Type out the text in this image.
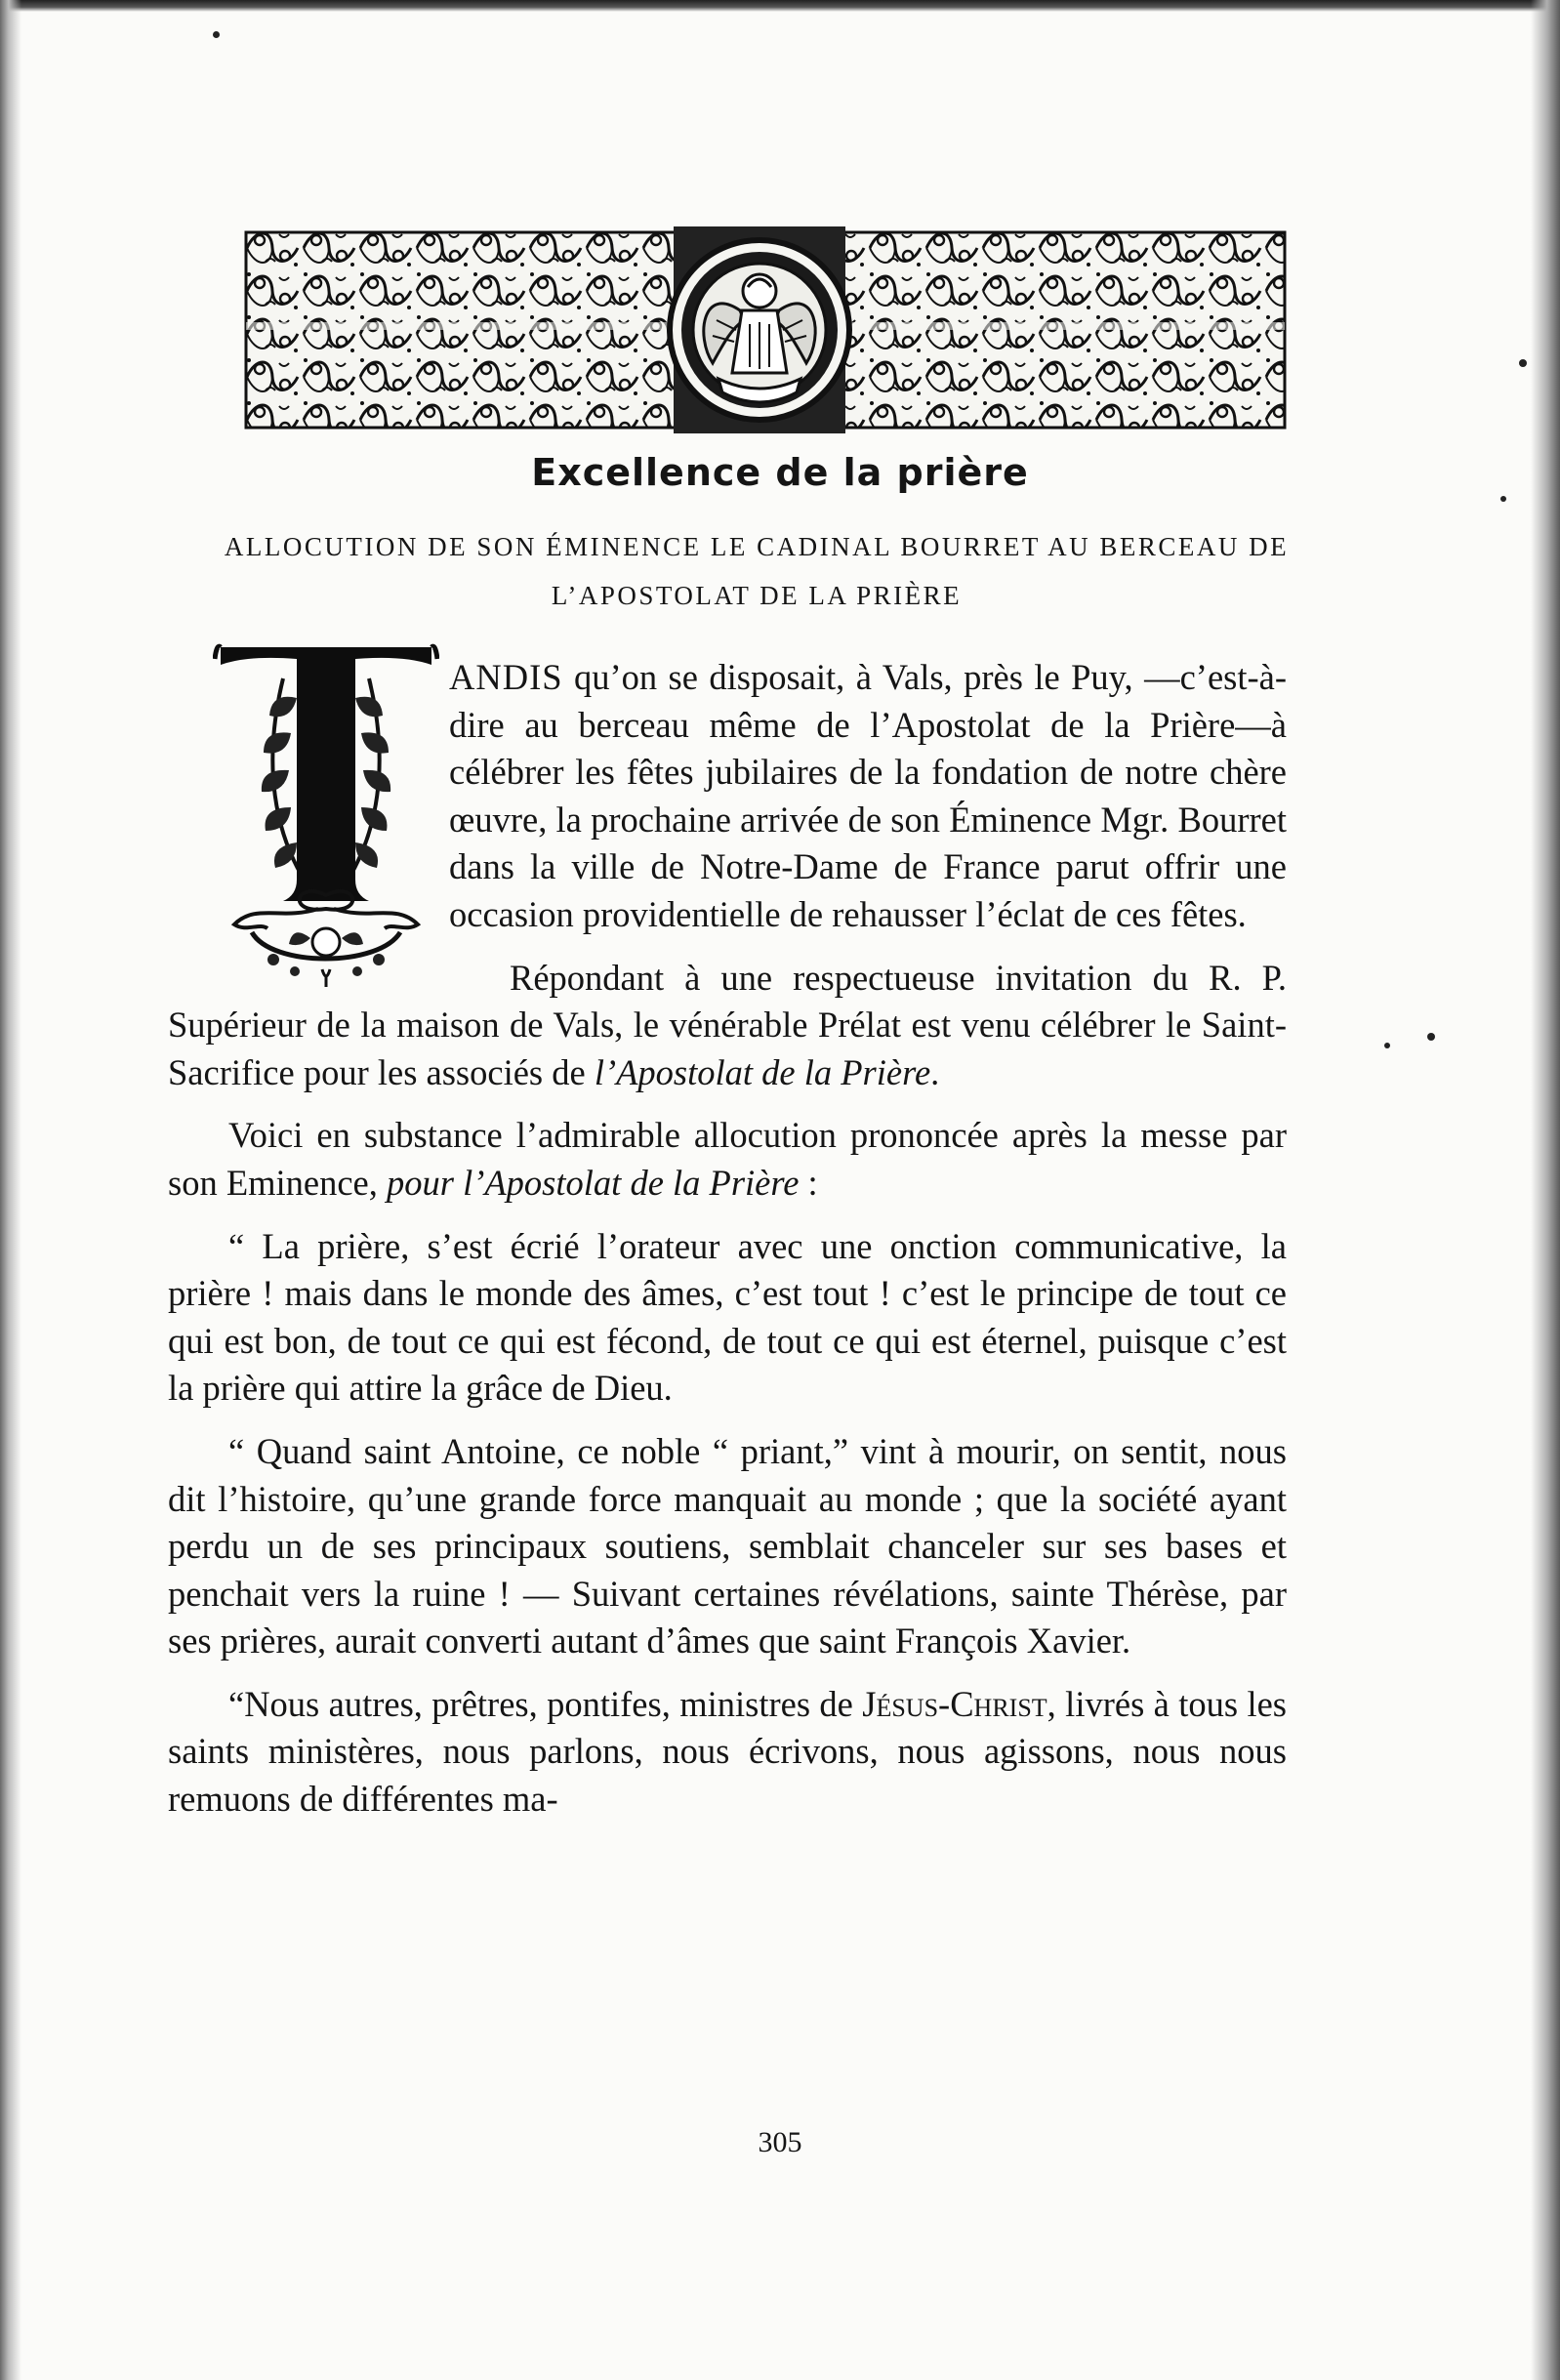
Excellence de la prière

ALLOCUTION DE SON ÉMINENCE LE CADINAL BOURRET AU BERCEAU DE L’APOSTOLAT DE LA PRIÈRE

ANDIS qu’on se disposait, à Vals, près le Puy, —c’est-à-dire au berceau même de l’Apostolat de la Prière—à célébrer les fêtes jubilaires de la fondation de notre chère œuvre, la prochaine arrivée de son Éminence Mgr. Bourret dans la ville de Notre-Dame de France parut offrir une occasion providentielle de rehausser l’éclat de ces fêtes.

Répondant à une respectueuse invitation du R. P. Supérieur de la maison de Vals, le vénérable Prélat est venu célébrer le Saint-Sacrifice pour les associés de l’Apostolat de la Prière.

Voici en substance l’admirable allocution prononcée après la messe par son Eminence, pour l’Apostolat de la Prière :

“ La prière, s’est écrié l’orateur avec une onction communicative, la prière ! mais dans le monde des âmes, c’est tout ! c’est le principe de tout ce qui est bon, de tout ce qui est fécond, de tout ce qui est éternel, puisque c’est la prière qui attire la grâce de Dieu.

“ Quand saint Antoine, ce noble “ priant,” vint à mourir, on sentit, nous dit l’histoire, qu’une grande force manquait au monde ; que la société ayant perdu un de ses principaux soutiens, semblait chanceler sur ses bases et penchait vers la ruine ! — Suivant certaines révélations, sainte Thérèse, par ses prières, aurait converti autant d’âmes que saint François Xavier.

“Nous autres, prêtres, pontifes, ministres de Jésus-Christ, livrés à tous les saints ministères, nous parlons, nous écrivons, nous agissons, nous nous remuons de différentes ma-

305
